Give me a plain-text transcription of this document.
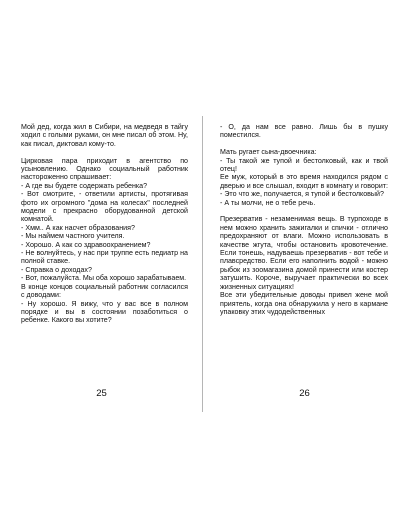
Мой дед, когда жил в Сибири, на медведя в тайгу ходил с голыми руками, он мне писал об этом. Ну, как писал, диктовал кому-то.

Цирковая пара приходит в агентство по усыновлению. Однако социальный работник настороженно спрашивает:

- А где вы будете содержать ребенка?

- Вот смотрите, - ответили артисты, протягивая фото их огромного "дома на колесах" последней модели с прекрасно оборудованной детской комнатой.

- Хмм.. А как насчет образования?

- Мы наймем частного учителя.

- Хорошо. А как со здравоохранением?

- Не волнуйтесь, у нас при труппе есть педиатр на полной ставке.

- Справка о доходах?

- Вот, пожалуйста. Мы оба хорошо зарабатываем.

В конце концов социальный работник согласился с доводами:

- Ну хорошо. Я вижу, что у вас все в полном порядке и вы в состоянии позаботиться о ребенке. Какого вы хотите?

25

- О, да нам все равно. Лишь бы в пушку поместился.

Мать ругает сына-двоечника:

- Ты такой же тупой и бестолковый, как и твой отец!

Ее муж, который в это время находился рядом с дверью и все слышал, входит в комнату и говорит:

- Это что же, получается, я тупой и бестолковый?

- А ты молчи, не о тебе речь.

Презерватив - незаменимая вещь. В турпоходе в нем можно хранить зажигалки и спички - отлично предохраняют от влаги. Можно использовать в качестве жгута, чтобы остановить кровотечение. Если тонешь, надуваешь презерватив - вот тебе и плавсредство. Если его наполнить водой - можно рыбок из зоомагазина домой принести или костер затушить. Короче, выручает практически во всех жизненных ситуациях!

Все эти убедительные доводы привел жене мой приятель, когда она обнаружила у него в кармане упаковку этих чудодейственных

26
